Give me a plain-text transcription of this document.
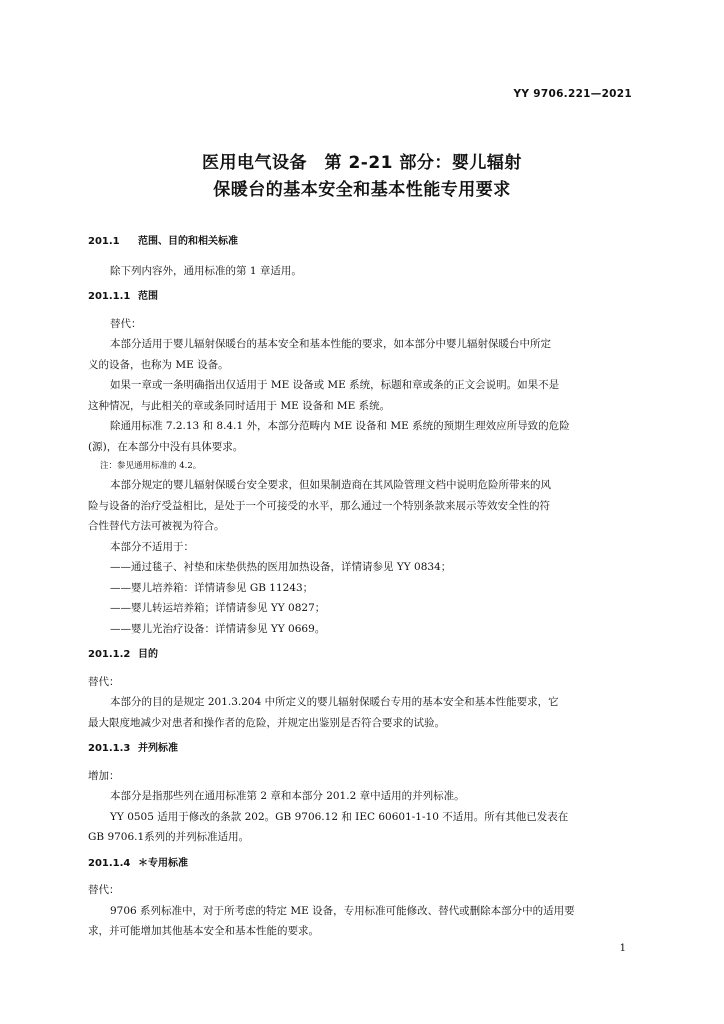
YY 9706.221—2021
医用电气设备　第 2-21 部分：婴儿辐射
保暖台的基本安全和基本性能专用要求
201.1 范围、目的和相关标准
除下列内容外，通用标准的第 1 章适用。
201.1.1 范围
替代：
本部分适用于婴儿辐射保暖台的基本安全和基本性能的要求，如本部分中婴儿辐射保暖台中所定
义的设备，也称为 ME 设备。
如果一章或一条明确指出仅适用于 ME 设备或 ME 系统，标题和章或条的正文会说明。如果不是
这种情况，与此相关的章或条同时适用于 ME 设备和 ME 系统。
除通用标准 7.2.13 和 8.4.1 外，本部分范畴内 ME 设备和 ME 系统的预期生理效应所导致的危险
(源)，在本部分中没有具体要求。
注：参见通用标准的 4.2。
本部分规定的婴儿辐射保暖台安全要求，但如果制造商在其风险管理文档中说明危险所带来的风
险与设备的治疗受益相比，是处于一个可接受的水平，那么通过一个特别条款来展示等效安全性的符
合性替代方法可被视为符合。
本部分不适用于：
——通过毯子、衬垫和床垫供热的医用加热设备，详情请参见 YY 0834；
——婴儿培养箱：详情请参见 GB 11243；
——婴儿转运培养箱；详情请参见 YY 0827；
——婴儿光治疗设备：详情请参见 YY 0669。
201.1.2 目的
替代：
本部分的目的是规定 201.3.204 中所定义的婴儿辐射保暖台专用的基本安全和基本性能要求，它
最大限度地减少对患者和操作者的危险，并规定出鉴别是否符合要求的试验。
201.1.3 并列标准
增加：
本部分是指那些列在通用标准第 2 章和本部分 201.2 章中适用的并列标准。
YY 0505 适用于修改的条款 202。GB 9706.12 和 IEC 60601-1-10 不适用。所有其他已发表在
GB 9706.1系列的并列标准适用。
201.1.4 ＊专用标准
替代：
9706 系列标准中，对于所考虑的特定 ME 设备，专用标准可能修改、替代或删除本部分中的适用要
求，并可能增加其他基本安全和基本性能的要求。
1
